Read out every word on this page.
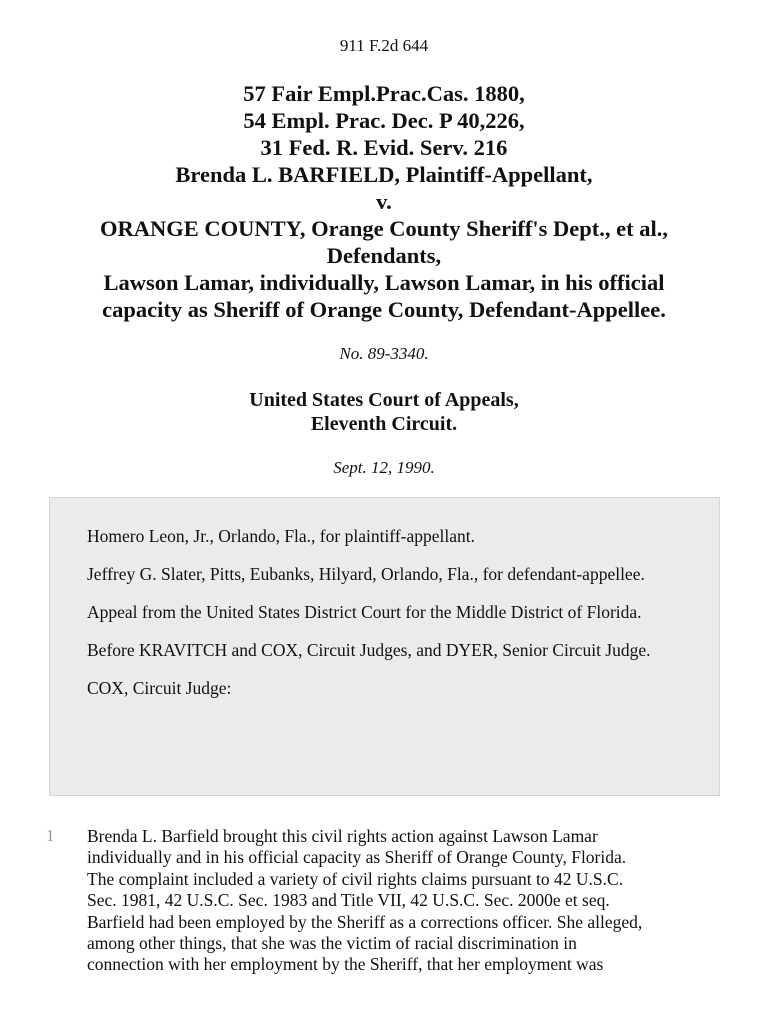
911 F.2d 644
57 Fair Empl.Prac.Cas. 1880,
54 Empl. Prac. Dec. P 40,226,
31 Fed. R. Evid. Serv. 216
Brenda L. BARFIELD, Plaintiff-Appellant,
v.
ORANGE COUNTY, Orange County Sheriff's Dept., et al.,
Defendants,
Lawson Lamar, individually, Lawson Lamar, in his official
capacity as Sheriff of Orange County, Defendant-Appellee.
No. 89-3340.
United States Court of Appeals,
Eleventh Circuit.
Sept. 12, 1990.

Homero Leon, Jr., Orlando, Fla., for plaintiff-appellant.

Jeffrey G. Slater, Pitts, Eubanks, Hilyard, Orlando, Fla., for defendant-appellee.

Appeal from the United States District Court for the Middle District of Florida.

Before KRAVITCH and COX, Circuit Judges, and DYER, Senior Circuit Judge.

COX, Circuit Judge:

1 Brenda L. Barfield brought this civil rights action against Lawson Lamar
individually and in his official capacity as Sheriff of Orange County, Florida.
The complaint included a variety of civil rights claims pursuant to 42 U.S.C.
Sec. 1981, 42 U.S.C. Sec. 1983 and Title VII, 42 U.S.C. Sec. 2000e et seq.
Barfield had been employed by the Sheriff as a corrections officer. She alleged,
among other things, that she was the victim of racial discrimination in
connection with her employment by the Sheriff, that her employment was
